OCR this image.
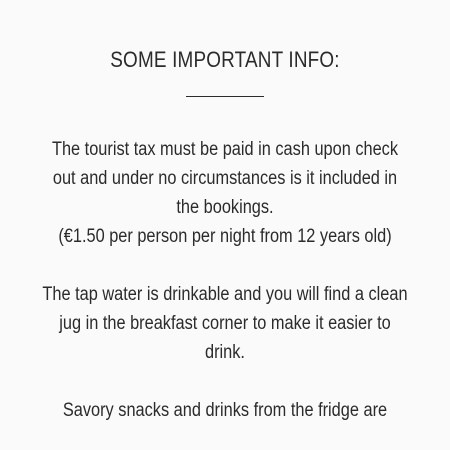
SOME IMPORTANT INFO:

The tourist tax must be paid in cash upon check
out and under no circumstances is it included in
the bookings.
(€1.50 per person per night from 12 years old)

The tap water is drinkable and you will find a clean
jug in the breakfast corner to make it easier to
drink.

Savory snacks and drinks from the fridge are
